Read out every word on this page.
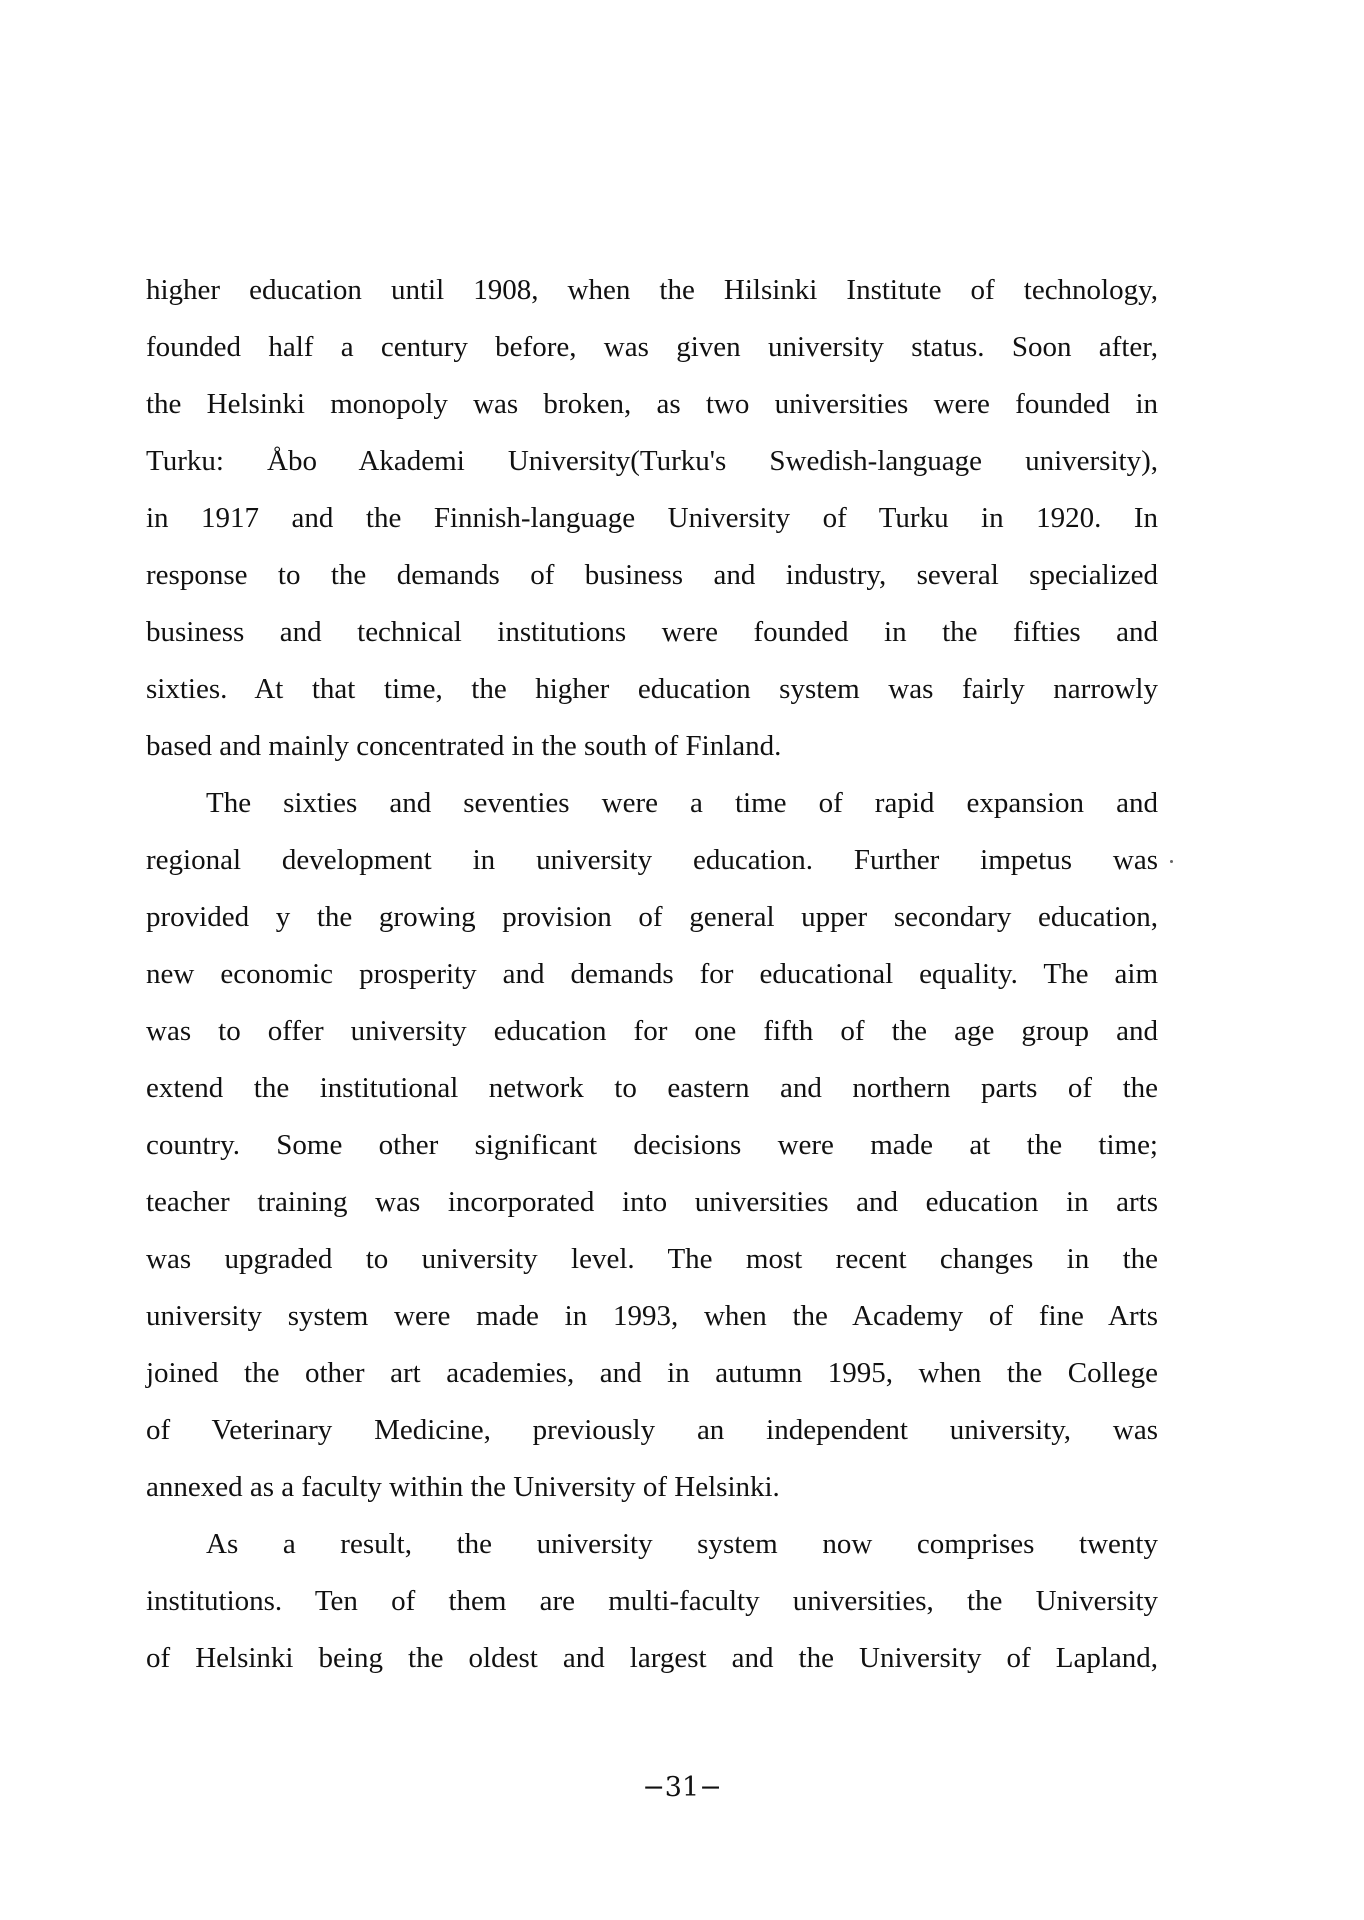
higher education until 1908, when the Hilsinki Institute of technology,
founded half a century before, was given university status. Soon after,
the Helsinki monopoly was broken, as two universities were founded in
Turku: Åbo Akademi University(Turku's Swedish-language university),
in 1917 and the Finnish-language University of Turku in 1920. In
response to the demands of business and industry, several specialized
business and technical institutions were founded in the fifties and
sixties. At that time, the higher education system was fairly narrowly
based and mainly concentrated in the south of Finland.
The sixties and seventies were a time of rapid expansion and
regional development in university education. Further impetus was
provided y the growing provision of general upper secondary education,
new economic prosperity and demands for educational equality. The aim
was to offer university education for one fifth of the age group and
extend the institutional network to eastern and northern parts of the
country. Some other significant decisions were made at the time;
teacher training was incorporated into universities and education in arts
was upgraded to university level. The most recent changes in the
university system were made in 1993, when the Academy of fine Arts
joined the other art academies, and in autumn 1995, when the College
of Veterinary Medicine, previously an independent university, was
annexed as a faculty within the University of Helsinki.
As a result, the university system now comprises twenty
institutions. Ten of them are multi-faculty universities, the University
of Helsinki being the oldest and largest and the University of Lapland,
−31−
